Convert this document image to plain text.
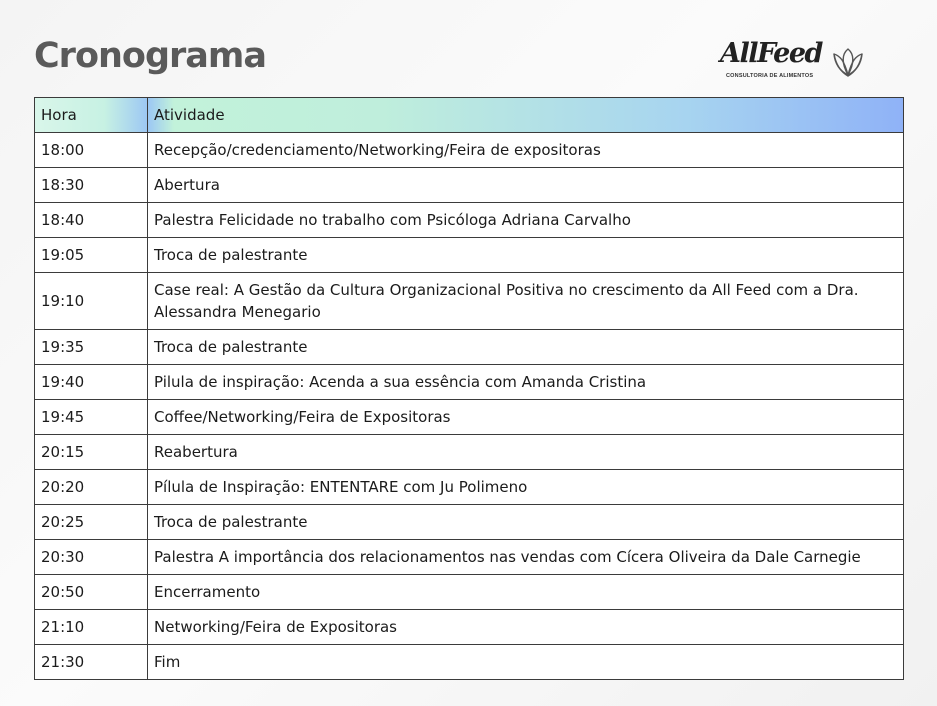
Cronograma	AllFeed
CONSULTORIA DE ALIMENTOS
Hora	Atividade
18:00	Recepção/credenciamento/Networking/Feira de expositoras
18:30	Abertura
18:40	Palestra Felicidade no trabalho com Psicóloga Adriana Carvalho
19:05	Troca de palestrante
19:10	Case real: A Gestão da Cultura Organizacional Positiva no crescimento da All Feed com a Dra. Alessandra Menegario
19:35	Troca de palestrante
19:40	Pilula de inspiração: Acenda a sua essência com Amanda Cristina
19:45	Coffee/Networking/Feira de Expositoras
20:15	Reabertura
20:20	Pílula de Inspiração: ENTENTARE com Ju Polimeno
20:25	Troca de palestrante
20:30	Palestra A importância dos relacionamentos nas vendas com Cícera Oliveira da Dale Carnegie
20:50	Encerramento
21:10	Networking/Feira de Expositoras
21:30	Fim
